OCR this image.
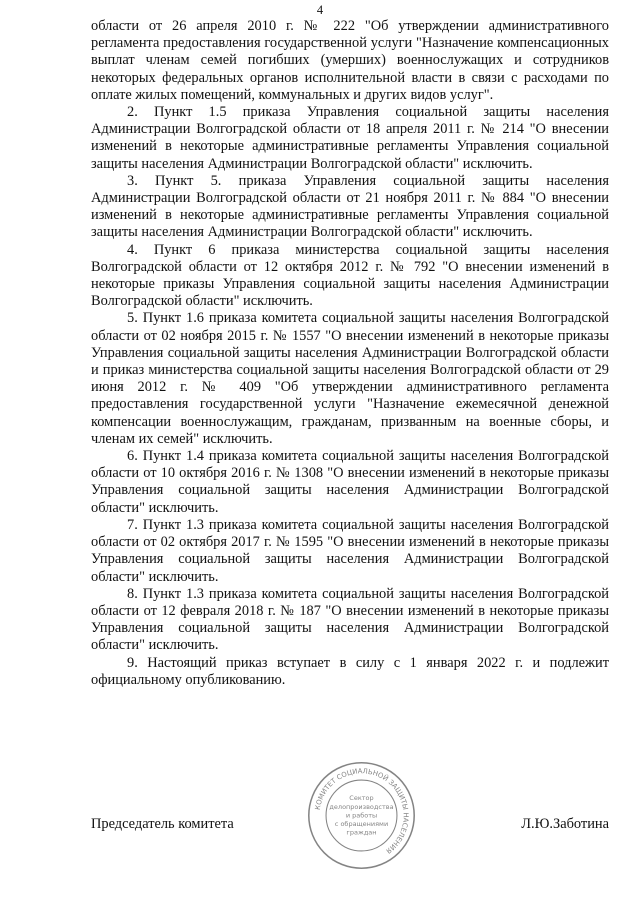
4

области от 26 апреля 2010 г. № 222 "Об утверждении административного регламента предоставления государственной услуги "Назначение компенсационных выплат членам семей погибших (умерших) военнослужащих и сотрудников некоторых федеральных органов исполнительной власти в связи с расходами по оплате жилых помещений, коммунальных и других видов услуг".

2. Пункт 1.5 приказа Управления социальной защиты населения Администрации Волгоградской области от 18 апреля 2011 г. № 214 "О внесении изменений в некоторые административные регламенты Управления социальной защиты населения Администрации Волгоградской области" исключить.

3. Пункт 5. приказа Управления социальной защиты населения Администрации Волгоградской области от 21 ноября 2011 г. № 884 "О внесении изменений в некоторые административные регламенты Управления социальной защиты населения Администрации Волгоградской области" исключить.

4. Пункт 6 приказа министерства социальной защиты населения Волгоградской области от 12 октября 2012 г. № 792 "О внесении изменений в некоторые приказы Управления социальной защиты населения Администрации Волгоградской области" исключить.

5. Пункт 1.6 приказа комитета социальной защиты населения Волгоградской области от 02 ноября 2015 г. № 1557 "О внесении изменений в некоторые приказы Управления социальной защиты населения Администрации Волгоградской области и приказ министерства социальной защиты населения Волгоградской области от 29 июня 2012 г. № 409 "Об утверждении административного регламента предоставления государственной услуги "Назначение ежемесячной денежной компенсации военнослужащим, гражданам, призванным на военные сборы, и членам их семей" исключить.

6. Пункт 1.4 приказа комитета социальной защиты населения Волгоградской области от 10 октября 2016 г. № 1308 "О внесении изменений в некоторые приказы Управления социальной защиты населения Администрации Волгоградской области" исключить.

7. Пункт 1.3 приказа комитета социальной защиты населения Волгоградской области от 02 октября 2017 г. № 1595 "О внесении изменений в некоторые приказы Управления социальной защиты населения Администрации Волгоградской области" исключить.

8. Пункт 1.3 приказа комитета социальной защиты населения Волгоградской области от 12 февраля 2018 г. № 187 "О внесении изменений в некоторые приказы Управления социальной защиты населения Администрации Волгоградской области" исключить.

9. Настоящий приказ вступает в силу с 1 января 2022 г. и подлежит официальному опубликованию.

Председатель комитета	Л.Ю.Заботина
КОМИТЕТ СОЦИАЛЬНОЙ ЗАЩИТЫ НАСЕЛЕНИЯ
Сектор
делопроизводства
и работы
с обращениями
граждан
